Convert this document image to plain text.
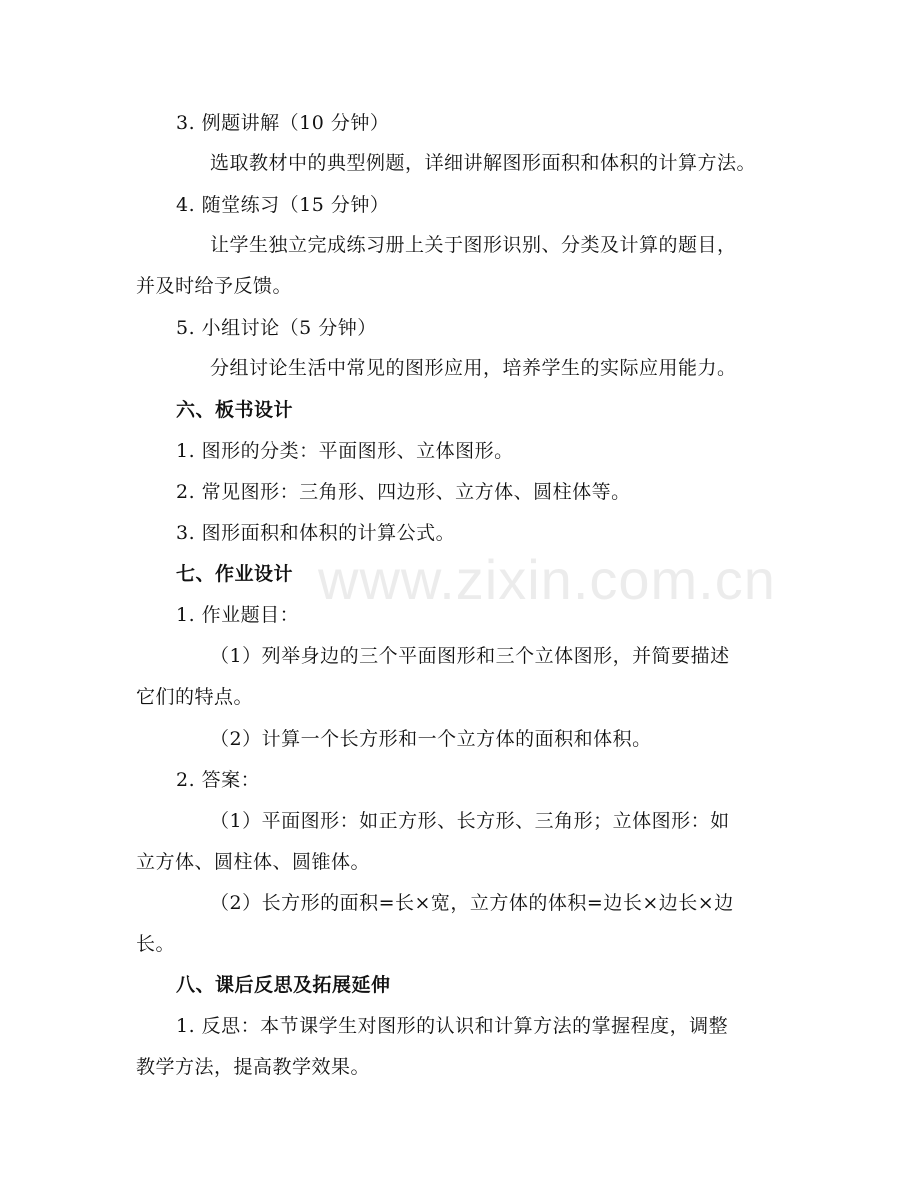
3. 例题讲解（10 分钟）
选取教材中的典型例题，详细讲解图形面积和体积的计算方法。
4. 随堂练习（15 分钟）
让学生独立完成练习册上关于图形识别、分类及计算的题目，
并及时给予反馈。
5. 小组讨论（5 分钟）
分组讨论生活中常见的图形应用，培养学生的实际应用能力。
六、板书设计
1. 图形的分类：平面图形、立体图形。
2. 常见图形：三角形、四边形、立方体、圆柱体等。
3. 图形面积和体积的计算公式。
七、作业设计
1. 作业题目：
（1）列举身边的三个平面图形和三个立体图形，并简要描述
它们的特点。
（2）计算一个长方形和一个立方体的面积和体积。
2. 答案：
（1）平面图形：如正方形、长方形、三角形；立体图形：如
立方体、圆柱体、圆锥体。
（2）长方形的面积=长×宽，立方体的体积=边长×边长×边
长。
八、课后反思及拓展延伸
1. 反思：本节课学生对图形的认识和计算方法的掌握程度，调整
教学方法，提高教学效果。
www.zixin.com.cn
